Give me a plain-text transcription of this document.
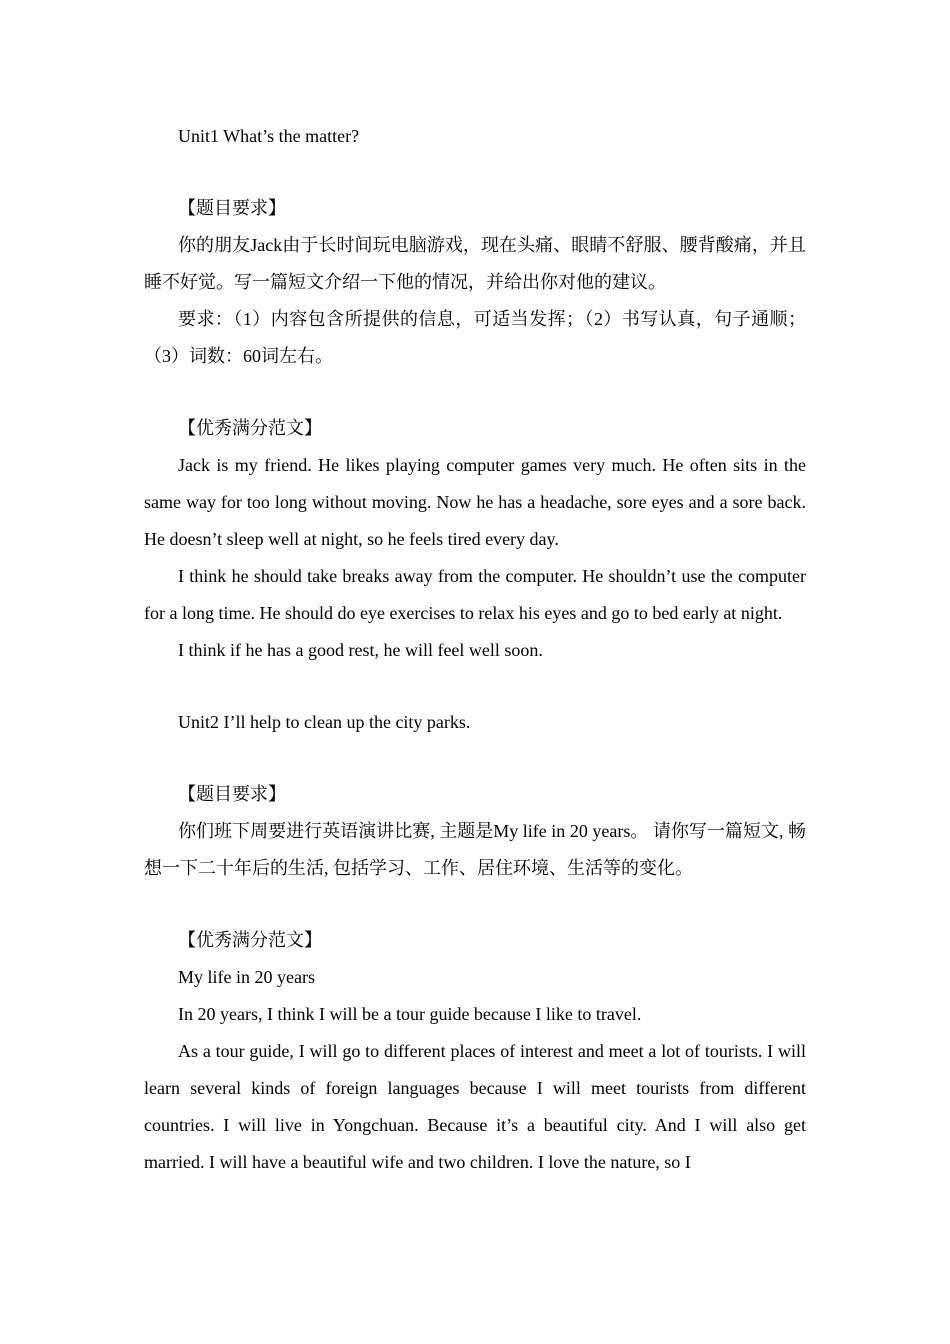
Unit1 What’s the matter?

【题目要求】

你的朋友Jack由于长时间玩电脑游戏，现在头痛、眼睛不舒服、腰背酸痛，并且睡不好觉。写一篇短文介绍一下他的情况，并给出你对他的建议。

要求：（1）内容包含所提供的信息，可适当发挥；（2）书写认真，句子通顺；（3）词数：60词左右。

【优秀满分范文】

Jack is my friend. He likes playing computer games very much. He often sits in the same way for too long without moving. Now he has a headache, sore eyes and a sore back. He doesn’t sleep well at night, so he feels tired every day.

I think he should take breaks away from the computer. He shouldn’t use the computer for a long time. He should do eye exercises to relax his eyes and go to bed early at night.

I think if he has a good rest, he will feel well soon.

Unit2 I’ll help to clean up the city parks.

【题目要求】

你们班下周要进行英语演讲比赛, 主题是My life in 20 years。 请你写一篇短文, 畅想一下二十年后的生活, 包括学习、工作、居住环境、生活等的变化。

【优秀满分范文】

My life in 20 years

In 20 years, I think I will be a tour guide because I like to travel.

As a tour guide, I will go to different places of interest and meet a lot of tourists. I will learn several kinds of foreign languages because I will meet tourists from different countries. I will live in Yongchuan. Because it’s a beautiful city. And I will also get married. I will have a beautiful wife and two children. I love the nature, so I
